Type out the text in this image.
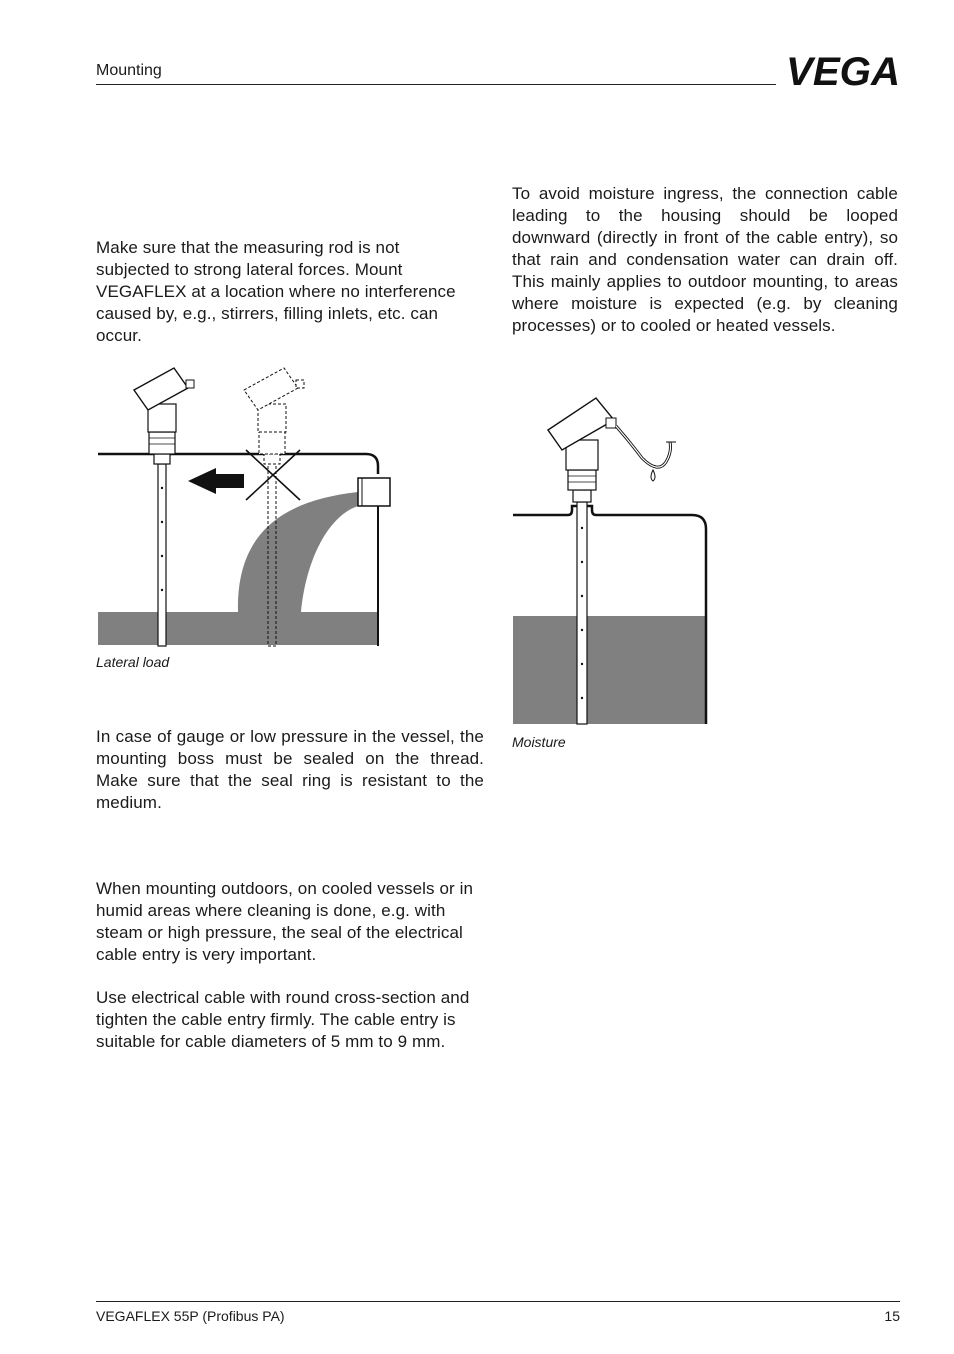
Mounting	VEGA

Make sure that the measuring rod is not subjected to strong lateral forces. Mount VEGAFLEX at a location where no interference caused by, e.g., stirrers, filling inlets, etc. can occur.

Lateral load

In case of gauge or low pressure in the vessel, the mounting boss must be sealed on the thread. Make sure that the seal ring is resistant to the medium.

When mounting outdoors, on cooled vessels or in humid areas where cleaning is done, e.g. with steam or high pressure, the seal of the electrical cable entry is very important.

Use electrical cable with round cross-section and tighten the cable entry firmly. The cable entry is suitable for cable diameters of 5 mm to 9 mm.

To avoid moisture ingress, the connection cable leading to the housing should be looped downward (directly in front of the cable entry), so that rain and condensation water can drain off. This mainly applies to outdoor mounting, to areas where moisture is expected (e.g. by cleaning processes) or to cooled or heated vessels.

Moisture
VEGAFLEX 55P (Profibus PA)	15
